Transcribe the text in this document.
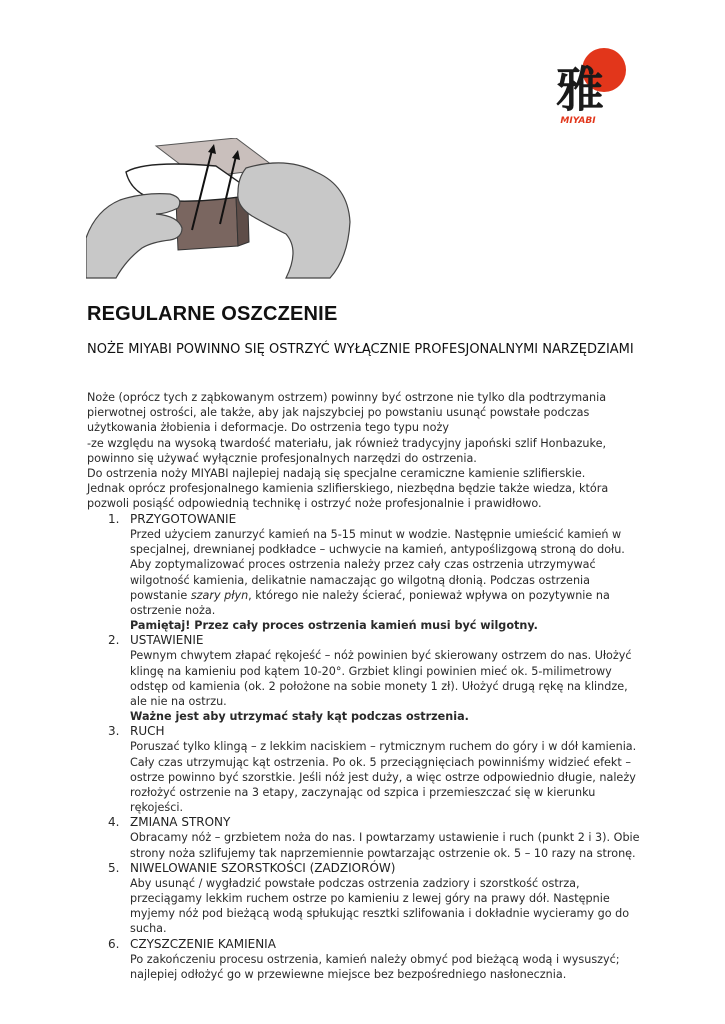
雅
MIYABI
REGULARNE OSZCZENIE
NOŻE MIYABI POWINNO SIĘ OSTRZYĆ WYŁĄCZNIE PROFESJONALNYMI NARZĘDZIAMI

Noże (oprócz tych z ząbkowanym ostrzem) powinny być ostrzone nie tylko dla podtrzymania pierwotnej ostrości, ale także, aby jak najszybciej po powstaniu usunąć powstałe podczas użytkowania żłobienia i deformacje. Do ostrzenia tego typu noży

-ze względu na wysoką twardość materiału, jak również tradycyjny japoński szlif Honbazuke, powinno się używać wyłącznie profesjonalnych narzędzi do ostrzenia.

Do ostrzenia noży MIYABI najlepiej nadają się specjalne ceramiczne kamienie szlifierskie.

Jednak oprócz profesjonalnego kamienia szlifierskiego, niezbędna będzie także wiedza, która pozwoli posiąść odpowiednią technikę i ostrzyć noże profesjonalnie i prawidłowo.

1. PRZYGOTOWANIE

Przed użyciem zanurzyć kamień na 5-15 minut w wodzie. Następnie umieścić kamień w specjalnej, drewnianej podkładce – uchwycie na kamień, antypoślizgową stroną do dołu. Aby zoptymalizować proces ostrzenia należy przez cały czas ostrzenia utrzymywać wilgotność kamienia, delikatnie namaczając go wilgotną dłonią. Podczas ostrzenia powstanie szary płyn, którego nie należy ścierać, ponieważ wpływa on pozytywnie na ostrzenie noża.

Pamiętaj! Przez cały proces ostrzenia kamień musi być wilgotny.

2. USTAWIENIE

Pewnym chwytem złapać rękojeść – nóż powinien być skierowany ostrzem do nas. Ułożyć klingę na kamieniu pod kątem 10-20°. Grzbiet klingi powinien mieć ok. 5-milimetrowy odstęp od kamienia (ok. 2 położone na sobie monety 1 zł). Ułożyć drugą rękę na klindze, ale nie na ostrzu.

Ważne jest aby utrzymać stały kąt podczas ostrzenia.

3. RUCH

Poruszać tylko klingą – z lekkim naciskiem – rytmicznym ruchem do góry i w dół kamienia. Cały czas utrzymując kąt ostrzenia. Po ok. 5 przeciągnięciach powinniśmy widzieć efekt – ostrze powinno być szorstkie. Jeśli nóż jest duży, a więc ostrze odpowiednio długie, należy rozłożyć ostrzenie na 3 etapy, zaczynając od szpica i przemieszczać się w kierunku rękojeści.

4. ZMIANA STRONY

Obracamy nóż – grzbietem noża do nas. I powtarzamy ustawienie i ruch (punkt 2 i 3). Obie strony noża szlifujemy tak naprzemiennie powtarzając ostrzenie ok. 5 – 10 razy na stronę.

5. NIWELOWANIE SZORSTKOŚCI (ZADZIORÓW)

Aby usunąć / wygładzić powstałe podczas ostrzenia zadziory i szorstkość ostrza, przeciągamy lekkim ruchem ostrze po kamieniu z lewej góry na prawy dół. Następnie myjemy nóż pod bieżącą wodą spłukując resztki szlifowania i dokładnie wycieramy go do sucha.

6. CZYSZCZENIE KAMIENIA

Po zakończeniu procesu ostrzenia, kamień należy obmyć pod bieżącą wodą i wysuszyć; najlepiej odłożyć go w przewiewne miejsce bez bezpośredniego nasłonecznia.
